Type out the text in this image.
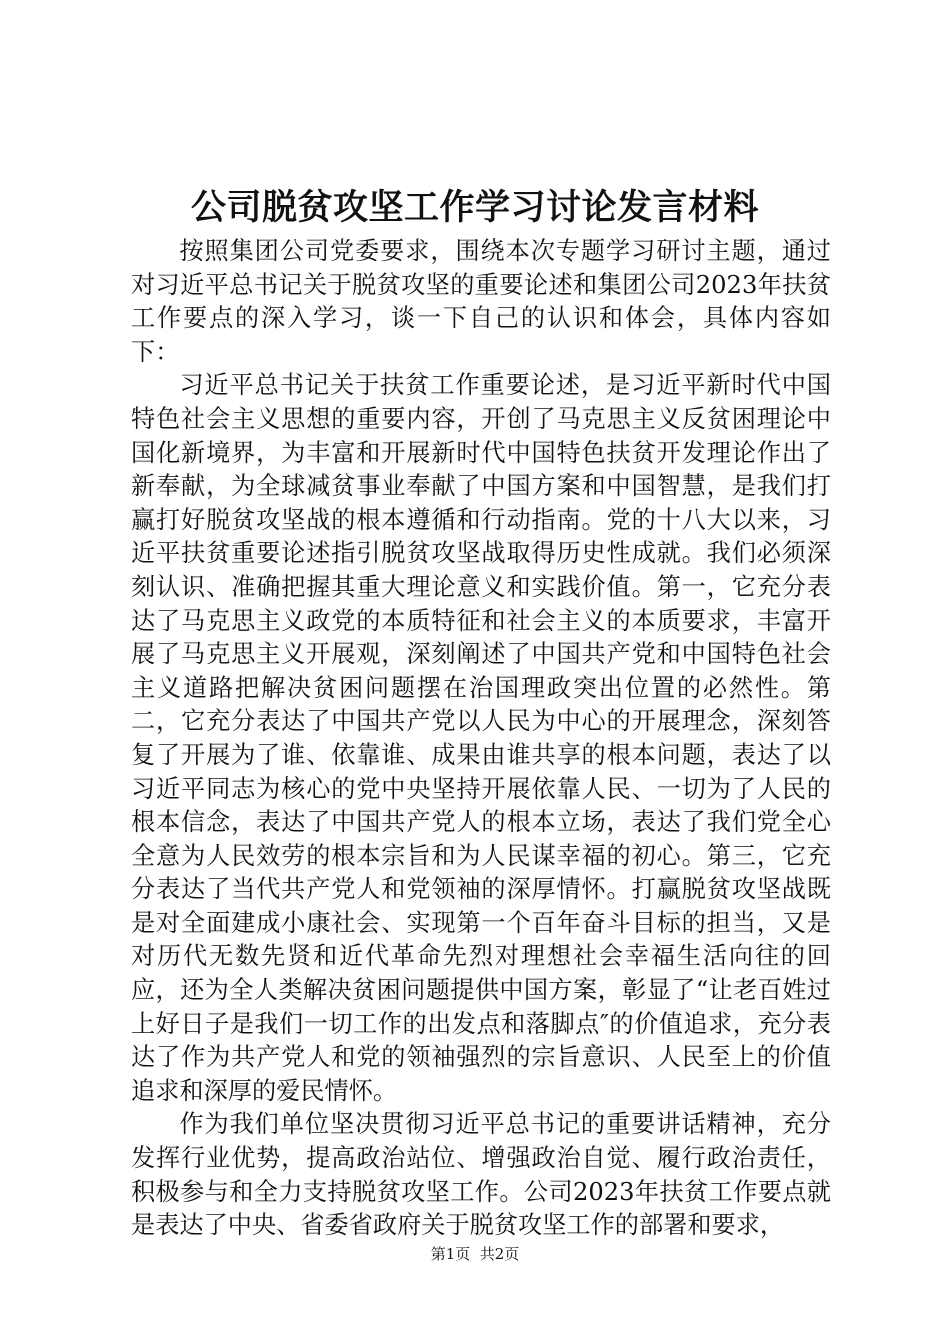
公司脱贫攻坚工作学习讨论发言材料

按照集团公司党委要求，围绕本次专题学习研讨主题，通过对习近平总书记关于脱贫攻坚的重要论述和集团公司2023年扶贫工作要点的深入学习，谈一下自己的认识和体会，具体内容如下：

习近平总书记关于扶贫工作重要论述，是习近平新时代中国特色社会主义思想的重要内容，开创了马克思主义反贫困理论中国化新境界，为丰富和开展新时代中国特色扶贫开发理论作出了新奉献，为全球减贫事业奉献了中国方案和中国智慧，是我们打赢打好脱贫攻坚战的根本遵循和行动指南。党的十八大以来，习近平扶贫重要论述指引脱贫攻坚战取得历史性成就。我们必须深刻认识、准确把握其重大理论意义和实践价值。第一，它充分表达了马克思主义政党的本质特征和社会主义的本质要求，丰富开展了马克思主义开展观，深刻阐述了中国共产党和中国特色社会主义道路把解决贫困问题摆在治国理政突出位置的必然性。第二，它充分表达了中国共产党以人民为中心的开展理念，深刻答复了开展为了谁、依靠谁、成果由谁共享的根本问题，表达了以习近平同志为核心的党中央坚持开展依靠人民、一切为了人民的根本信念，表达了中国共产党人的根本立场，表达了我们党全心全意为人民效劳的根本宗旨和为人民谋幸福的初心。第三，它充分表达了当代共产党人和党领袖的深厚情怀。打赢脱贫攻坚战既是对全面建成小康社会、实现第一个百年奋斗目标的担当，又是对历代无数先贤和近代革命先烈对理想社会幸福生活向往的回应，还为全人类解决贫困问题提供中国方案，彰显了“让老百姓过上好日子是我们一切工作的出发点和落脚点″的价值追求，充分表达了作为共产党人和党的领袖强烈的宗旨意识、人民至上的价值追求和深厚的爱民情怀。

作为我们单位坚决贯彻习近平总书记的重要讲话精神，充分发挥行业优势，提高政治站位、增强政治自觉、履行政治责任，积极参与和全力支持脱贫攻坚工作。公司2023年扶贫工作要点就是表达了中央、省委省政府关于脱贫攻坚工作的部署和要求，

第1页  共2页
